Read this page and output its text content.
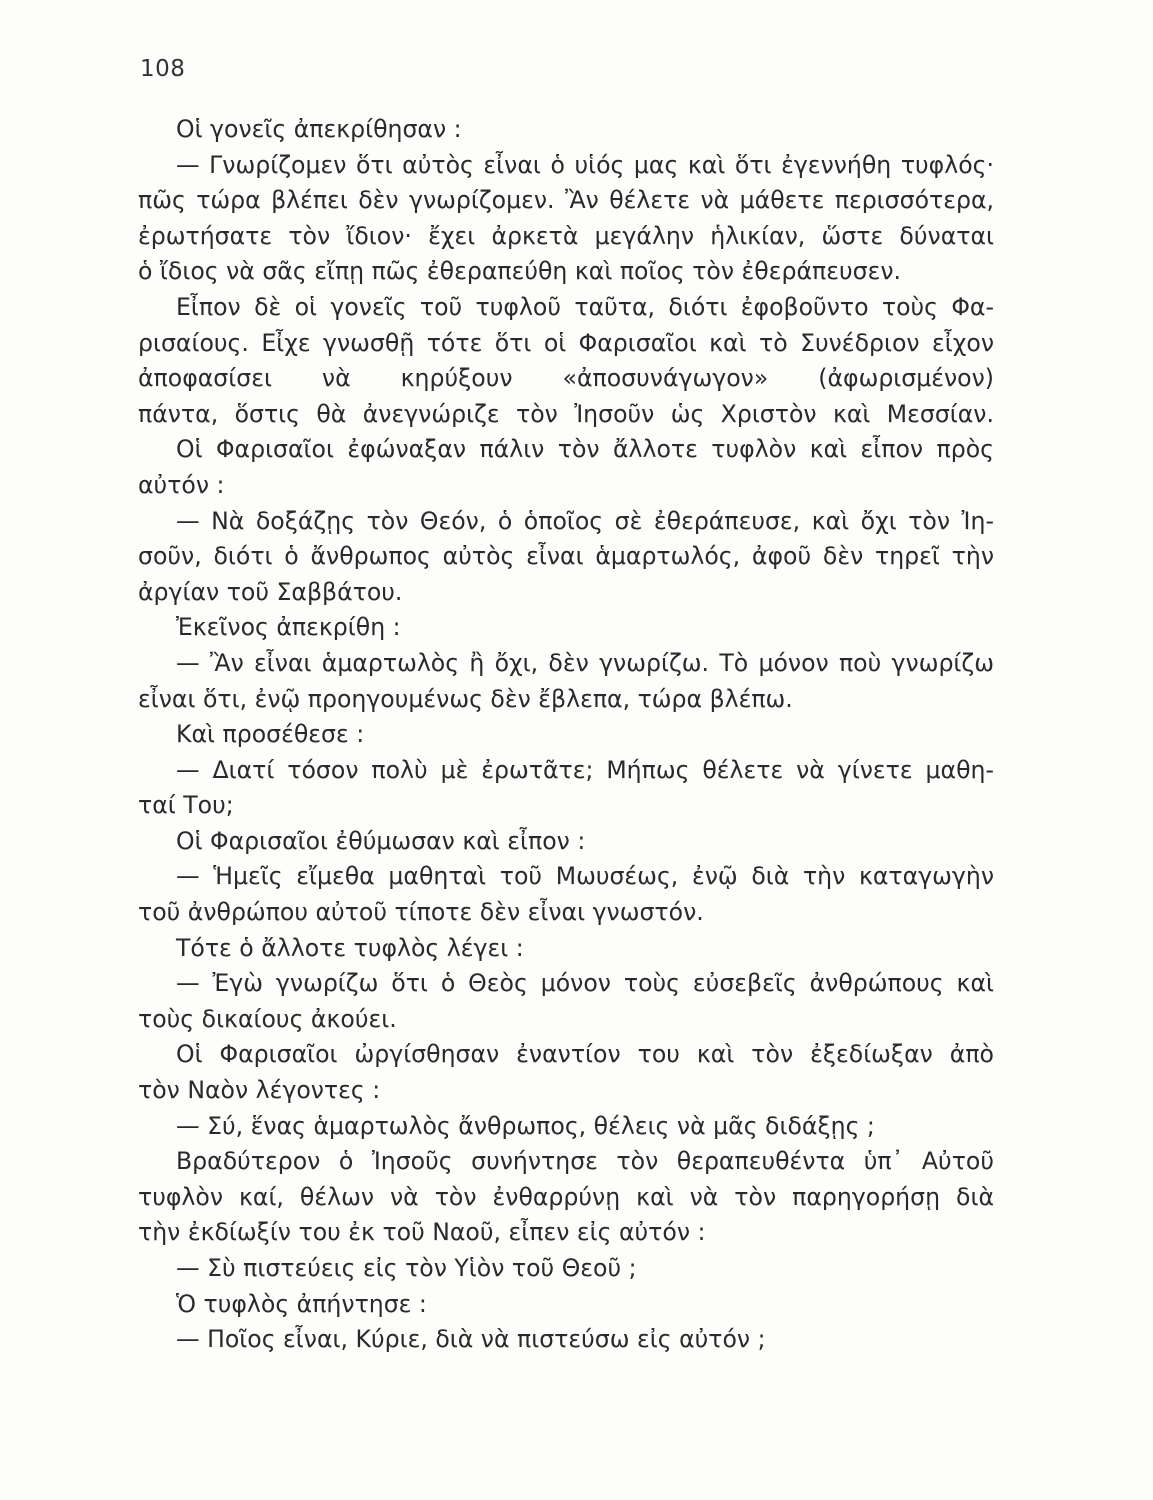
108
Οἱ γονεῖς ἀπεκρίθησαν :
— Γνωρίζομεν ὅτι αὐτὸς εἶναι ὁ υἱός μας καὶ ὅτι ἐγεννήθη τυφλός·
πῶς τώρα βλέπει δὲν γνωρίζομεν. Ἂν θέλετε νὰ μάθετε περισσότερα,
ἐρωτήσατε τὸν ἴδιον· ἔχει ἀρκετὰ μεγάλην ἡλικίαν, ὥστε δύναται
ὁ ἴδιος νὰ σᾶς εἴπῃ πῶς ἐθεραπεύθη καὶ ποῖος τὸν ἐθεράπευσεν.
Εἶπον δὲ οἱ γονεῖς τοῦ τυφλοῦ ταῦτα, διότι ἐφοβοῦντο τοὺς Φα-
ρισαίους. Εἶχε γνωσθῇ τότε ὅτι οἱ Φαρισαῖοι καὶ τὸ Συνέδριον εἶχον
ἀποφασίσει νὰ κηρύξουν «ἀποσυνάγωγον» (ἀφωρισμένον)
πάντα, ὅστις θὰ ἀνεγνώριζε τὸν Ἰησοῦν ὡς Χριστὸν καὶ Μεσσίαν.
Οἱ Φαρισαῖοι ἐφώναξαν πάλιν τὸν ἄλλοτε τυφλὸν καὶ εἶπον πρὸς
αὐτόν :
— Νὰ δοξάζῃς τὸν Θεόν, ὁ ὁποῖος σὲ ἐθεράπευσε, καὶ ὄχι τὸν Ἰη-
σοῦν, διότι ὁ ἄνθρωπος αὐτὸς εἶναι ἁμαρτωλός, ἀφοῦ δὲν τηρεῖ τὴν
ἀργίαν τοῦ Σαββάτου.
Ἐκεῖνος ἀπεκρίθη :
— Ἂν εἶναι ἁμαρτωλὸς ἢ ὄχι, δὲν γνωρίζω. Τὸ μόνον ποὺ γνωρίζω
εἶναι ὅτι, ἐνῷ προηγουμένως δὲν ἔβλεπα, τώρα βλέπω.
Καὶ προσέθεσε :
— Διατί τόσον πολὺ μὲ ἐρωτᾶτε; Μήπως θέλετε νὰ γίνετε μαθη-
ταί Του;
Οἱ Φαρισαῖοι ἐθύμωσαν καὶ εἶπον :
— Ἡμεῖς εἴμεθα μαθηταὶ τοῦ Μωυσέως, ἐνῷ διὰ τὴν καταγωγὴν
τοῦ ἀνθρώπου αὐτοῦ τίποτε δὲν εἶναι γνωστόν.
Τότε ὁ ἄλλοτε τυφλὸς λέγει :
— Ἐγὼ γνωρίζω ὅτι ὁ Θεὸς μόνον τοὺς εὐσεβεῖς ἀνθρώπους καὶ
τοὺς δικαίους ἀκούει.
Οἱ Φαρισαῖοι ὠργίσθησαν ἐναντίον του καὶ τὸν ἐξεδίωξαν ἀπὸ
τὸν Ναὸν λέγοντες :
— Σύ, ἕνας ἁμαρτωλὸς ἄνθρωπος, θέλεις νὰ μᾶς διδάξῃς ;
Βραδύτερον ὁ Ἰησοῦς συνήντησε τὸν θεραπευθέντα ὑπ᾽ Αὐτοῦ
τυφλὸν καί, θέλων νὰ τὸν ἐνθαρρύνῃ καὶ νὰ τὸν παρηγορήσῃ διὰ
τὴν ἐκδίωξίν του ἐκ τοῦ Ναοῦ, εἶπεν εἰς αὐτόν :
— Σὺ πιστεύεις εἰς τὸν Υἱὸν τοῦ Θεοῦ ;
Ὁ τυφλὸς ἀπήντησε :
— Ποῖος εἶναι, Κύριε, διὰ νὰ πιστεύσω εἰς αὐτόν ;
